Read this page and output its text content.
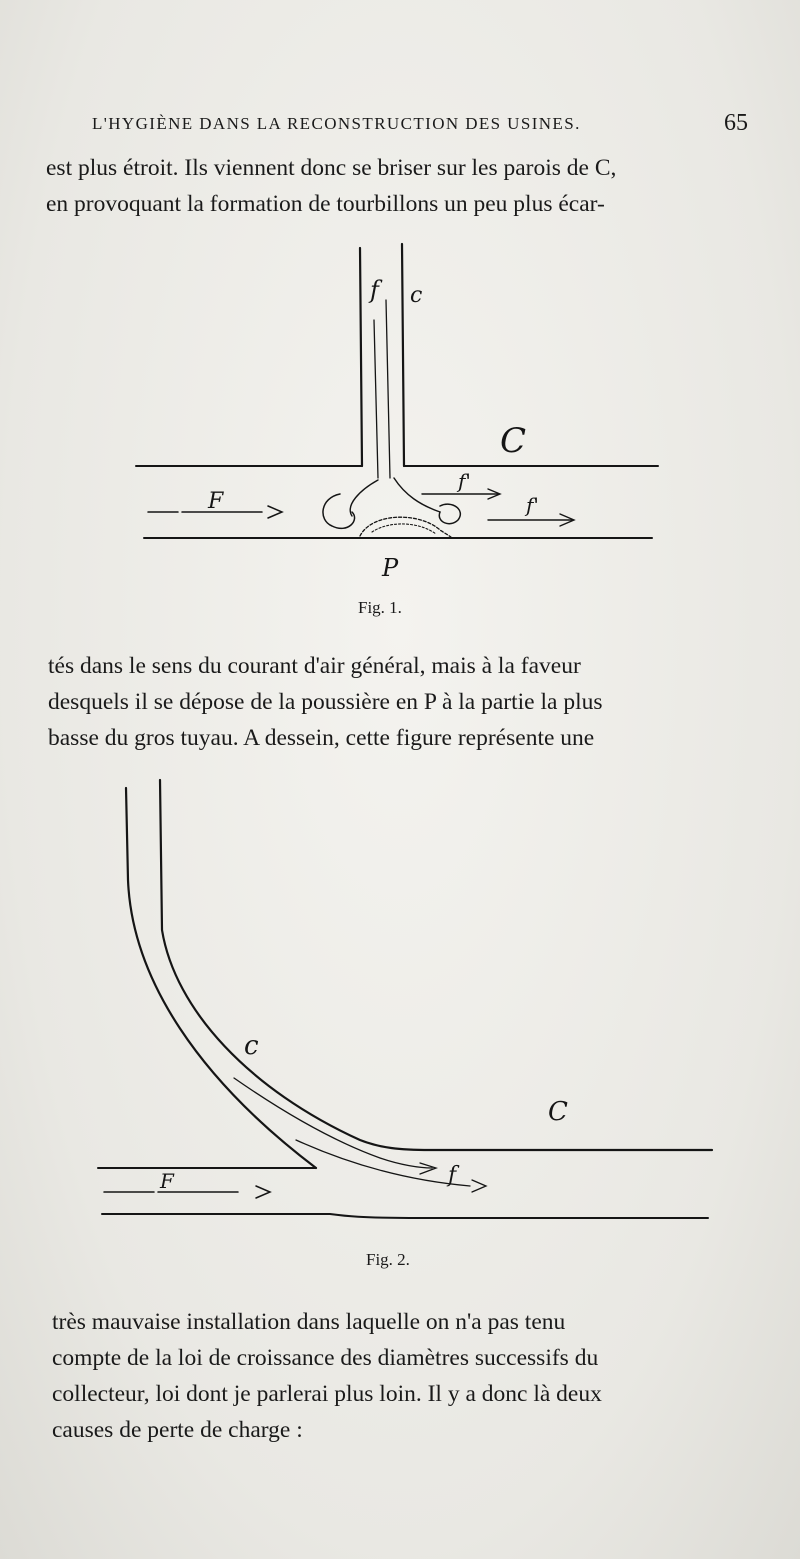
L'HYGIÈNE DANS LA RECONSTRUCTION DES USINES.	65
est plus étroit. Ils viennent donc se briser sur les parois de C,
en provoquant la formation de tourbillons un peu plus écar-
f c
C
F
f'
f'
P
Fig. 1.
tés dans le sens du courant d'air général, mais à la faveur
desquels il se dépose de la poussière en P à la partie la plus
basse du gros tuyau. A dessein, cette figure représente une
c
C
F	f
Fig. 2.
très mauvaise installation dans laquelle on n'a pas tenu
compte de la loi de croissance des diamètres successifs du
collecteur, loi dont je parlerai plus loin. Il y a donc là deux
causes de perte de charge :
